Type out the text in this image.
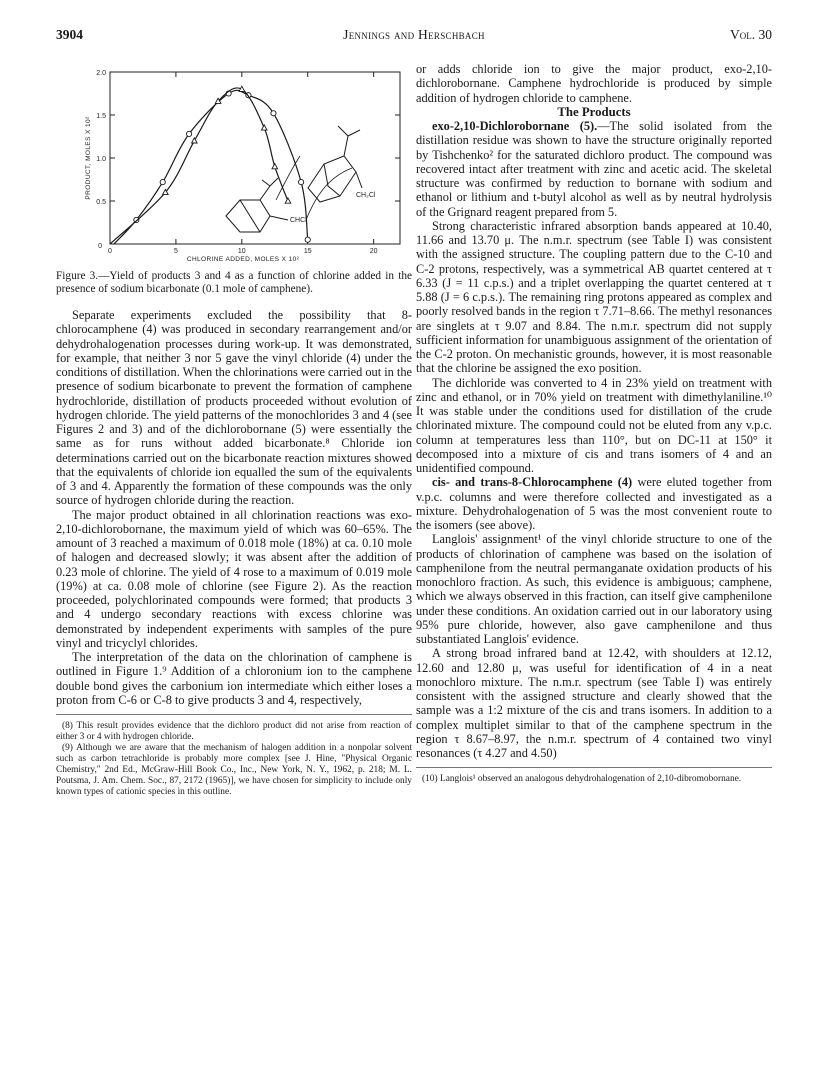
3904	Jennings and Herschbach	Vol. 30
0	5	10	15	20
0
0.5
1.0
1.5
2.0
CHLORINE ADDED, MOLES X 10²
PRODUCT, MOLES X 10²	CH₂Cl
CHCl

Figure 3.—Yield of products 3 and 4 as a function of chlorine added in the presence of sodium bicarbonate (0.1 mole of camphene).

Separate experiments excluded the possibility that 8-chlorocamphene (4) was produced in secondary rearrangement and/or dehydrohalogenation processes during work-up. It was demonstrated, for example, that neither 3 nor 5 gave the vinyl chloride (4) under the conditions of distillation. When the chlorinations were carried out in the presence of sodium bicarbonate to prevent the formation of camphene hydrochloride, distillation of products proceeded without evolution of hydrogen chloride. The yield patterns of the monochlorides 3 and 4 (see Figures 2 and 3) and of the dichlorobornane (5) were essentially the same as for runs without added bicarbonate.⁸ Chloride ion determinations carried out on the bicarbonate reaction mixtures showed that the equivalents of chloride ion equalled the sum of the equivalents of 3 and 4. Apparently the formation of these compounds was the only source of hydrogen chloride during the reaction.

The major product obtained in all chlorination reactions was exo-2,10-dichlorobornane, the maximum yield of which was 60–65%. The amount of 3 reached a maximum of 0.018 mole (18%) at ca. 0.10 mole of halogen and decreased slowly; it was absent after the addition of 0.23 mole of chlorine. The yield of 4 rose to a maximum of 0.019 mole (19%) at ca. 0.08 mole of chlorine (see Figure 2). As the reaction proceeded, polychlorinated compounds were formed; that products 3 and 4 undergo secondary reactions with excess chlorine was demonstrated by independent experiments with samples of the pure vinyl and tricyclyl chlorides.

The interpretation of the data on the chlorination of camphene is outlined in Figure 1.⁹ Addition of a chloronium ion to the camphene double bond gives the carbonium ion intermediate which either loses a proton from C-6 or C-8 to give products 3 and 4, respectively,

(8) This result provides evidence that the dichloro product did not arise from reaction of either 3 or 4 with hydrogen chloride.

(9) Although we are aware that the mechanism of halogen addition in a nonpolar solvent such as carbon tetrachloride is probably more complex [see J. Hine, "Physical Organic Chemistry," 2nd Ed., McGraw-Hill Book Co., Inc., New York, N. Y., 1962, p. 218; M. L. Poutsma, J. Am. Chem. Soc., 87, 2172 (1965)], we have chosen for simplicity to include only known types of cationic species in this outline.

or adds chloride ion to give the major product, exo-2,10-dichlorobornane. Camphene hydrochloride is produced by simple addition of hydrogen chloride to camphene.

The Products

exo-2,10-Dichlorobornane (5).—The solid isolated from the distillation residue was shown to have the structure originally reported by Tishchenko² for the saturated dichloro product. The compound was recovered intact after treatment with zinc and acetic acid. The skeletal structure was confirmed by reduction to bornane with sodium and ethanol or lithium and t-butyl alcohol as well as by neutral hydrolysis of the Grignard reagent prepared from 5.

Strong characteristic infrared absorption bands appeared at 10.40, 11.66 and 13.70 μ. The n.m.r. spectrum (see Table I) was consistent with the assigned structure. The coupling pattern due to the C-10 and C-2 protons, respectively, was a symmetrical AB quartet centered at τ 6.33 (J = 11 c.p.s.) and a triplet overlapping the quartet centered at τ 5.88 (J = 6 c.p.s.). The remaining ring protons appeared as complex and poorly resolved bands in the region τ 7.71–8.66. The methyl resonances are singlets at τ 9.07 and 8.84. The n.m.r. spectrum did not supply sufficient information for unambiguous assignment of the orientation of the C-2 proton. On mechanistic grounds, however, it is most reasonable that the chlorine be assigned the exo position.

The dichloride was converted to 4 in 23% yield on treatment with zinc and ethanol, or in 70% yield on treatment with dimethylaniline.¹⁰ It was stable under the conditions used for distillation of the crude chlorinated mixture. The compound could not be eluted from any v.p.c. column at temperatures less than 110°, but on DC-11 at 150° it decomposed into a mixture of cis and trans isomers of 4 and an unidentified compound.

cis- and trans-8-Chlorocamphene (4) were eluted together from v.p.c. columns and were therefore collected and investigated as a mixture. Dehydrohalogenation of 5 was the most convenient route to the isomers (see above).

Langlois' assignment¹ of the vinyl chloride structure to one of the products of chlorination of camphene was based on the isolation of camphenilone from the neutral permanganate oxidation products of his monochloro fraction. As such, this evidence is ambiguous; camphene, which we always observed in this fraction, can itself give camphenilone under these conditions. An oxidation carried out in our laboratory using 95% pure chloride, however, also gave camphenilone and thus substantiated Langlois' evidence.

A strong broad infrared band at 12.42, with shoulders at 12.12, 12.60 and 12.80 μ, was useful for identification of 4 in a neat monochloro mixture. The n.m.r. spectrum (see Table I) was entirely consistent with the assigned structure and clearly showed that the sample was a 1:2 mixture of the cis and trans isomers. In addition to a complex multiplet similar to that of the camphene spectrum in the region τ 8.67–8.97, the n.m.r. spectrum of 4 contained two vinyl resonances (τ 4.27 and 4.50)

(10) Langlois¹ observed an analogous dehydrohalogenation of 2,10-dibromobornane.
